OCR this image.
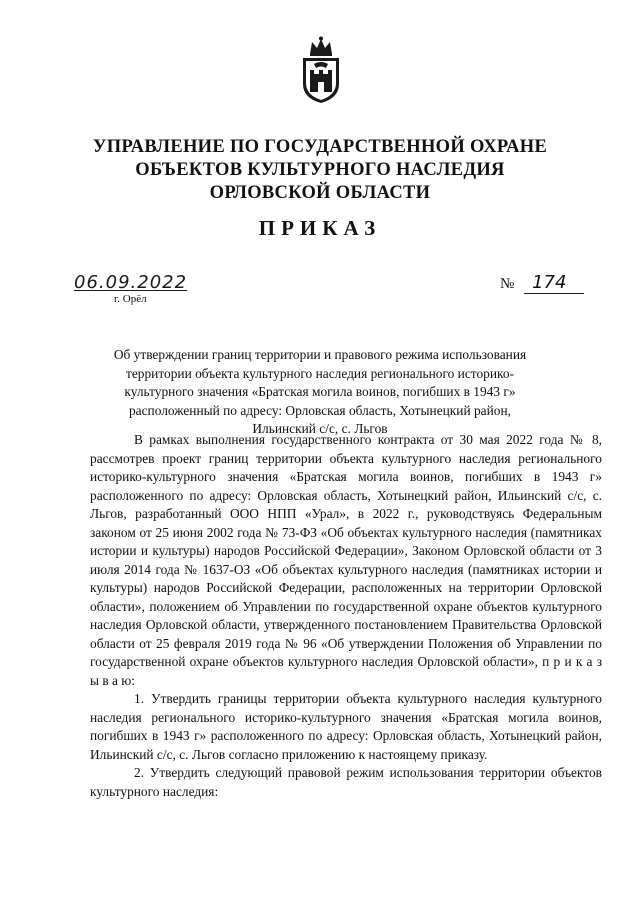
УПРАВЛЕНИЕ ПО ГОСУДАРСТВЕННОЙ ОХРАНЕ
ОБЪЕКТОВ КУЛЬТУРНОГО НАСЛЕДИЯ
ОРЛОВСКОЙ ОБЛАСТИ
ПРИКАЗ
06.09.2022
г. Орёл
№ 174
Об утверждении границ территории и правового режима использования территории объекта культурного наследия регионального историко-культурного значения «Братская могила воинов, погибших в 1943 г» расположенный по адресу: Орловская область, Хотынецкий район, Ильинский с/с, с. Льгов

В рамках выполнения государственного контракта от 30 мая 2022 года № 8, рассмотрев проект границ территории объекта культурного наследия регионального историко-культурного значения «Братская могила воинов, погибших в 1943 г» расположенного по адресу: Орловская область, Хотынецкий район, Ильинский с/с, с. Льгов, разработанный ООО НПП «Урал», в 2022 г., руководствуясь Федеральным законом от 25 июня 2002 года № 73-ФЗ «Об объектах культурного наследия (памятниках истории и культуры) народов Российской Федерации», Законом Орловской области от 3 июля 2014 года № 1637-ОЗ «Об объектах культурного наследия (памятниках истории и культуры) народов Российской Федерации, расположенных на территории Орловской области», положением об Управлении по государственной охране объектов культурного наследия Орловской области, утвержденного постановлением Правительства Орловской области от 25 февраля 2019 года № 96 «Об утверждении Положения об Управлении по государственной охране объектов культурного наследия Орловской области», п р и к а з ы в а ю:

1. Утвердить границы территории объекта культурного наследия культурного наследия регионального историко-культурного значения «Братская могила воинов, погибших в 1943 г» расположенного по адресу: Орловская область, Хотынецкий район, Ильинский с/с, с. Льгов согласно приложению к настоящему приказу.

2. Утвердить следующий правовой режим использования территории объектов культурного наследия:
